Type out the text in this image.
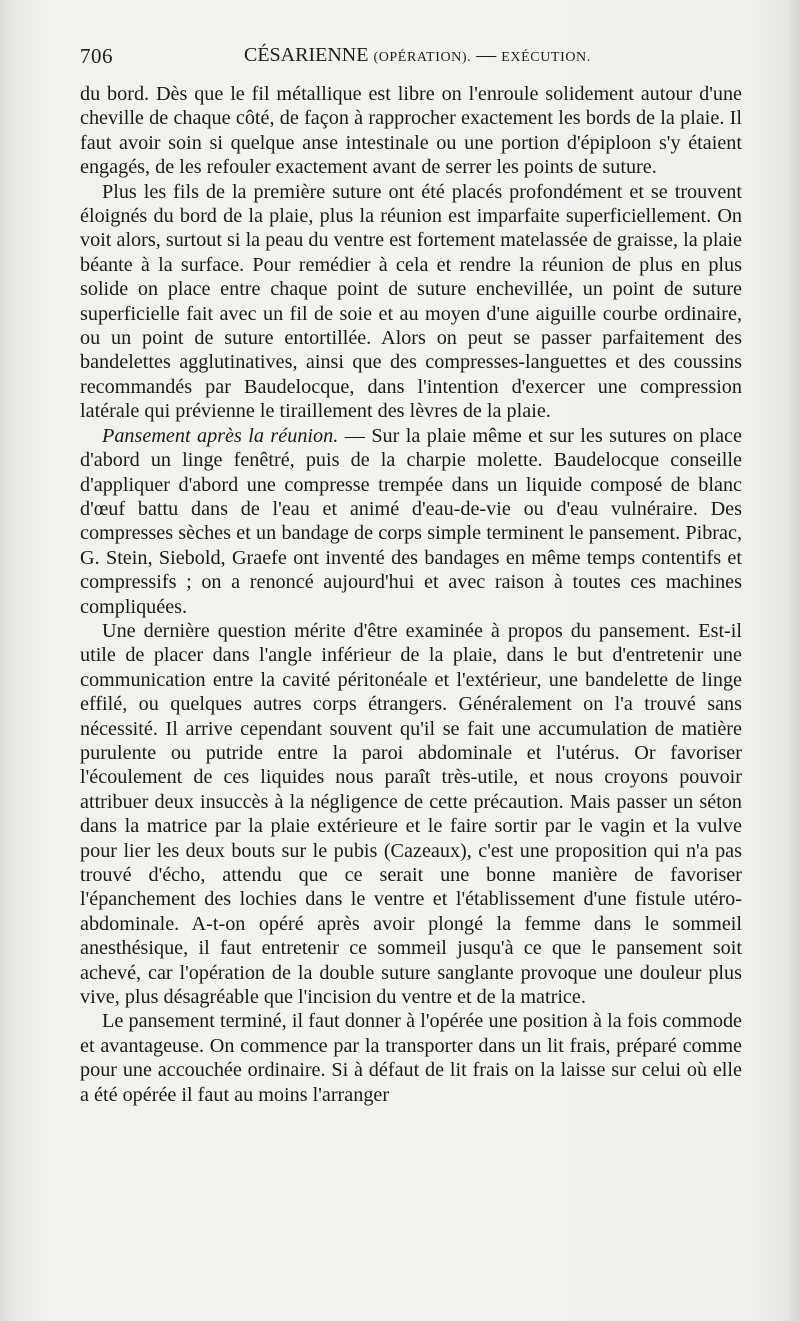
706	CÉSARIENNE (OPÉRATION). — EXÉCUTION.

du bord. Dès que le fil métallique est libre on l'enroule solidement autour d'une cheville de chaque côté, de façon à rapprocher exactement les bords de la plaie. Il faut avoir soin si quelque anse intestinale ou une portion d'épiploon s'y étaient engagés, de les refouler exactement avant de serrer les points de suture.

Plus les fils de la première suture ont été placés profondément et se trouvent éloignés du bord de la plaie, plus la réunion est imparfaite superficiellement. On voit alors, surtout si la peau du ventre est fortement matelassée de graisse, la plaie béante à la surface. Pour remédier à cela et rendre la réunion de plus en plus solide on place entre chaque point de suture enchevillée, un point de suture superficielle fait avec un fil de soie et au moyen d'une aiguille courbe ordinaire, ou un point de suture entortillée. Alors on peut se passer parfaitement des bandelettes agglutinatives, ainsi que des compresses-languettes et des coussins recommandés par Baudelocque, dans l'intention d'exercer une compression latérale qui prévienne le tiraillement des lèvres de la plaie.

Pansement après la réunion. — Sur la plaie même et sur les sutures on place d'abord un linge fenêtré, puis de la charpie molette. Baudelocque conseille d'appliquer d'abord une compresse trempée dans un liquide composé de blanc d'œuf battu dans de l'eau et animé d'eau-de-vie ou d'eau vulnéraire. Des compresses sèches et un bandage de corps simple terminent le pansement. Pibrac, G. Stein, Siebold, Graefe ont inventé des bandages en même temps contentifs et compressifs ; on a renoncé aujourd'hui et avec raison à toutes ces machines compliquées.

Une dernière question mérite d'être examinée à propos du pansement. Est-il utile de placer dans l'angle inférieur de la plaie, dans le but d'entretenir une communication entre la cavité péritonéale et l'extérieur, une bandelette de linge effilé, ou quelques autres corps étrangers. Généralement on l'a trouvé sans nécessité. Il arrive cependant souvent qu'il se fait une accumulation de matière purulente ou putride entre la paroi abdominale et l'utérus. Or favoriser l'écoulement de ces liquides nous paraît très-utile, et nous croyons pouvoir attribuer deux insuccès à la négligence de cette précaution. Mais passer un séton dans la matrice par la plaie extérieure et le faire sortir par le vagin et la vulve pour lier les deux bouts sur le pubis (Cazeaux), c'est une proposition qui n'a pas trouvé d'écho, attendu que ce serait une bonne manière de favoriser l'épanchement des lochies dans le ventre et l'établissement d'une fistule utéro-abdominale. A-t-on opéré après avoir plongé la femme dans le sommeil anesthésique, il faut entretenir ce sommeil jusqu'à ce que le pansement soit achevé, car l'opération de la double suture sanglante provoque une douleur plus vive, plus désagréable que l'incision du ventre et de la matrice.

Le pansement terminé, il faut donner à l'opérée une position à la fois commode et avantageuse. On commence par la transporter dans un lit frais, préparé comme pour une accouchée ordinaire. Si à défaut de lit frais on la laisse sur celui où elle a été opérée il faut au moins l'arranger
